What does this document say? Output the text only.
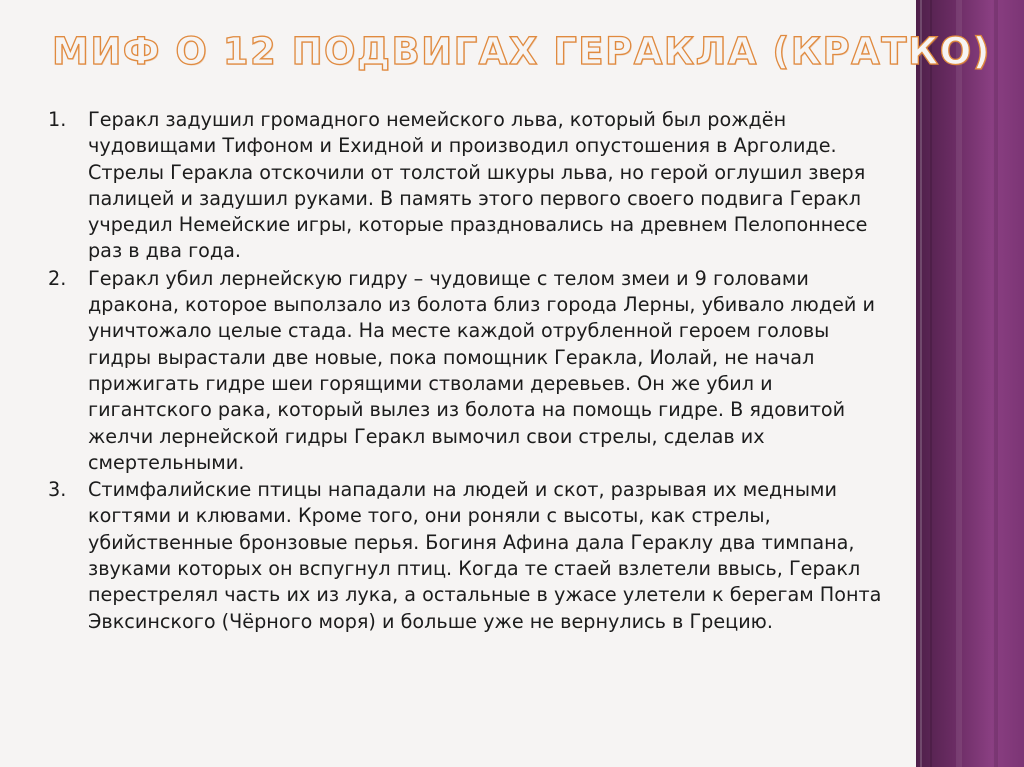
МИФ О 12 ПОДВИГАХ ГЕРАКЛА (КРАТКО)
1.	Геракл задушил громадного немейского льва, который был рождён чудовищами Тифоном и Ехидной и производил опустошения в Арголиде. Стрелы Геракла отскочили от толстой шкуры льва, но герой оглушил зверя палицей и задушил руками. В память этого первого своего подвига Геракл учредил Немейские игры, которые праздновались на древнем Пелопоннесе раз в два года.
2.	Геракл убил лернейскую гидру – чудовище с телом змеи и 9 головами дракона, которое выползало из болота близ города Лерны, убивало людей и уничтожало целые стада. На месте каждой отрубленной героем головы гидры вырастали две новые, пока помощник Геракла, Иолай, не начал прижигать гидре шеи горящими стволами деревьев. Он же убил и гигантского рака, который вылез из болота на помощь гидре. В ядовитой желчи лернейской гидры Геракл вымочил свои стрелы, сделав их смертельными.
3.	Стимфалийские птицы нападали на людей и скот, разрывая их медными когтями и клювами. Кроме того, они роняли с высоты, как стрелы, убийственные бронзовые перья. Богиня Афина дала Гераклу два тимпана, звуками которых он вспугнул птиц. Когда те стаей взлетели ввысь, Геракл перестрелял часть их из лука, а остальные в ужасе улетели к берегам Понта Эвксинского (Чёрного моря) и больше уже не вернулись в Грецию.
